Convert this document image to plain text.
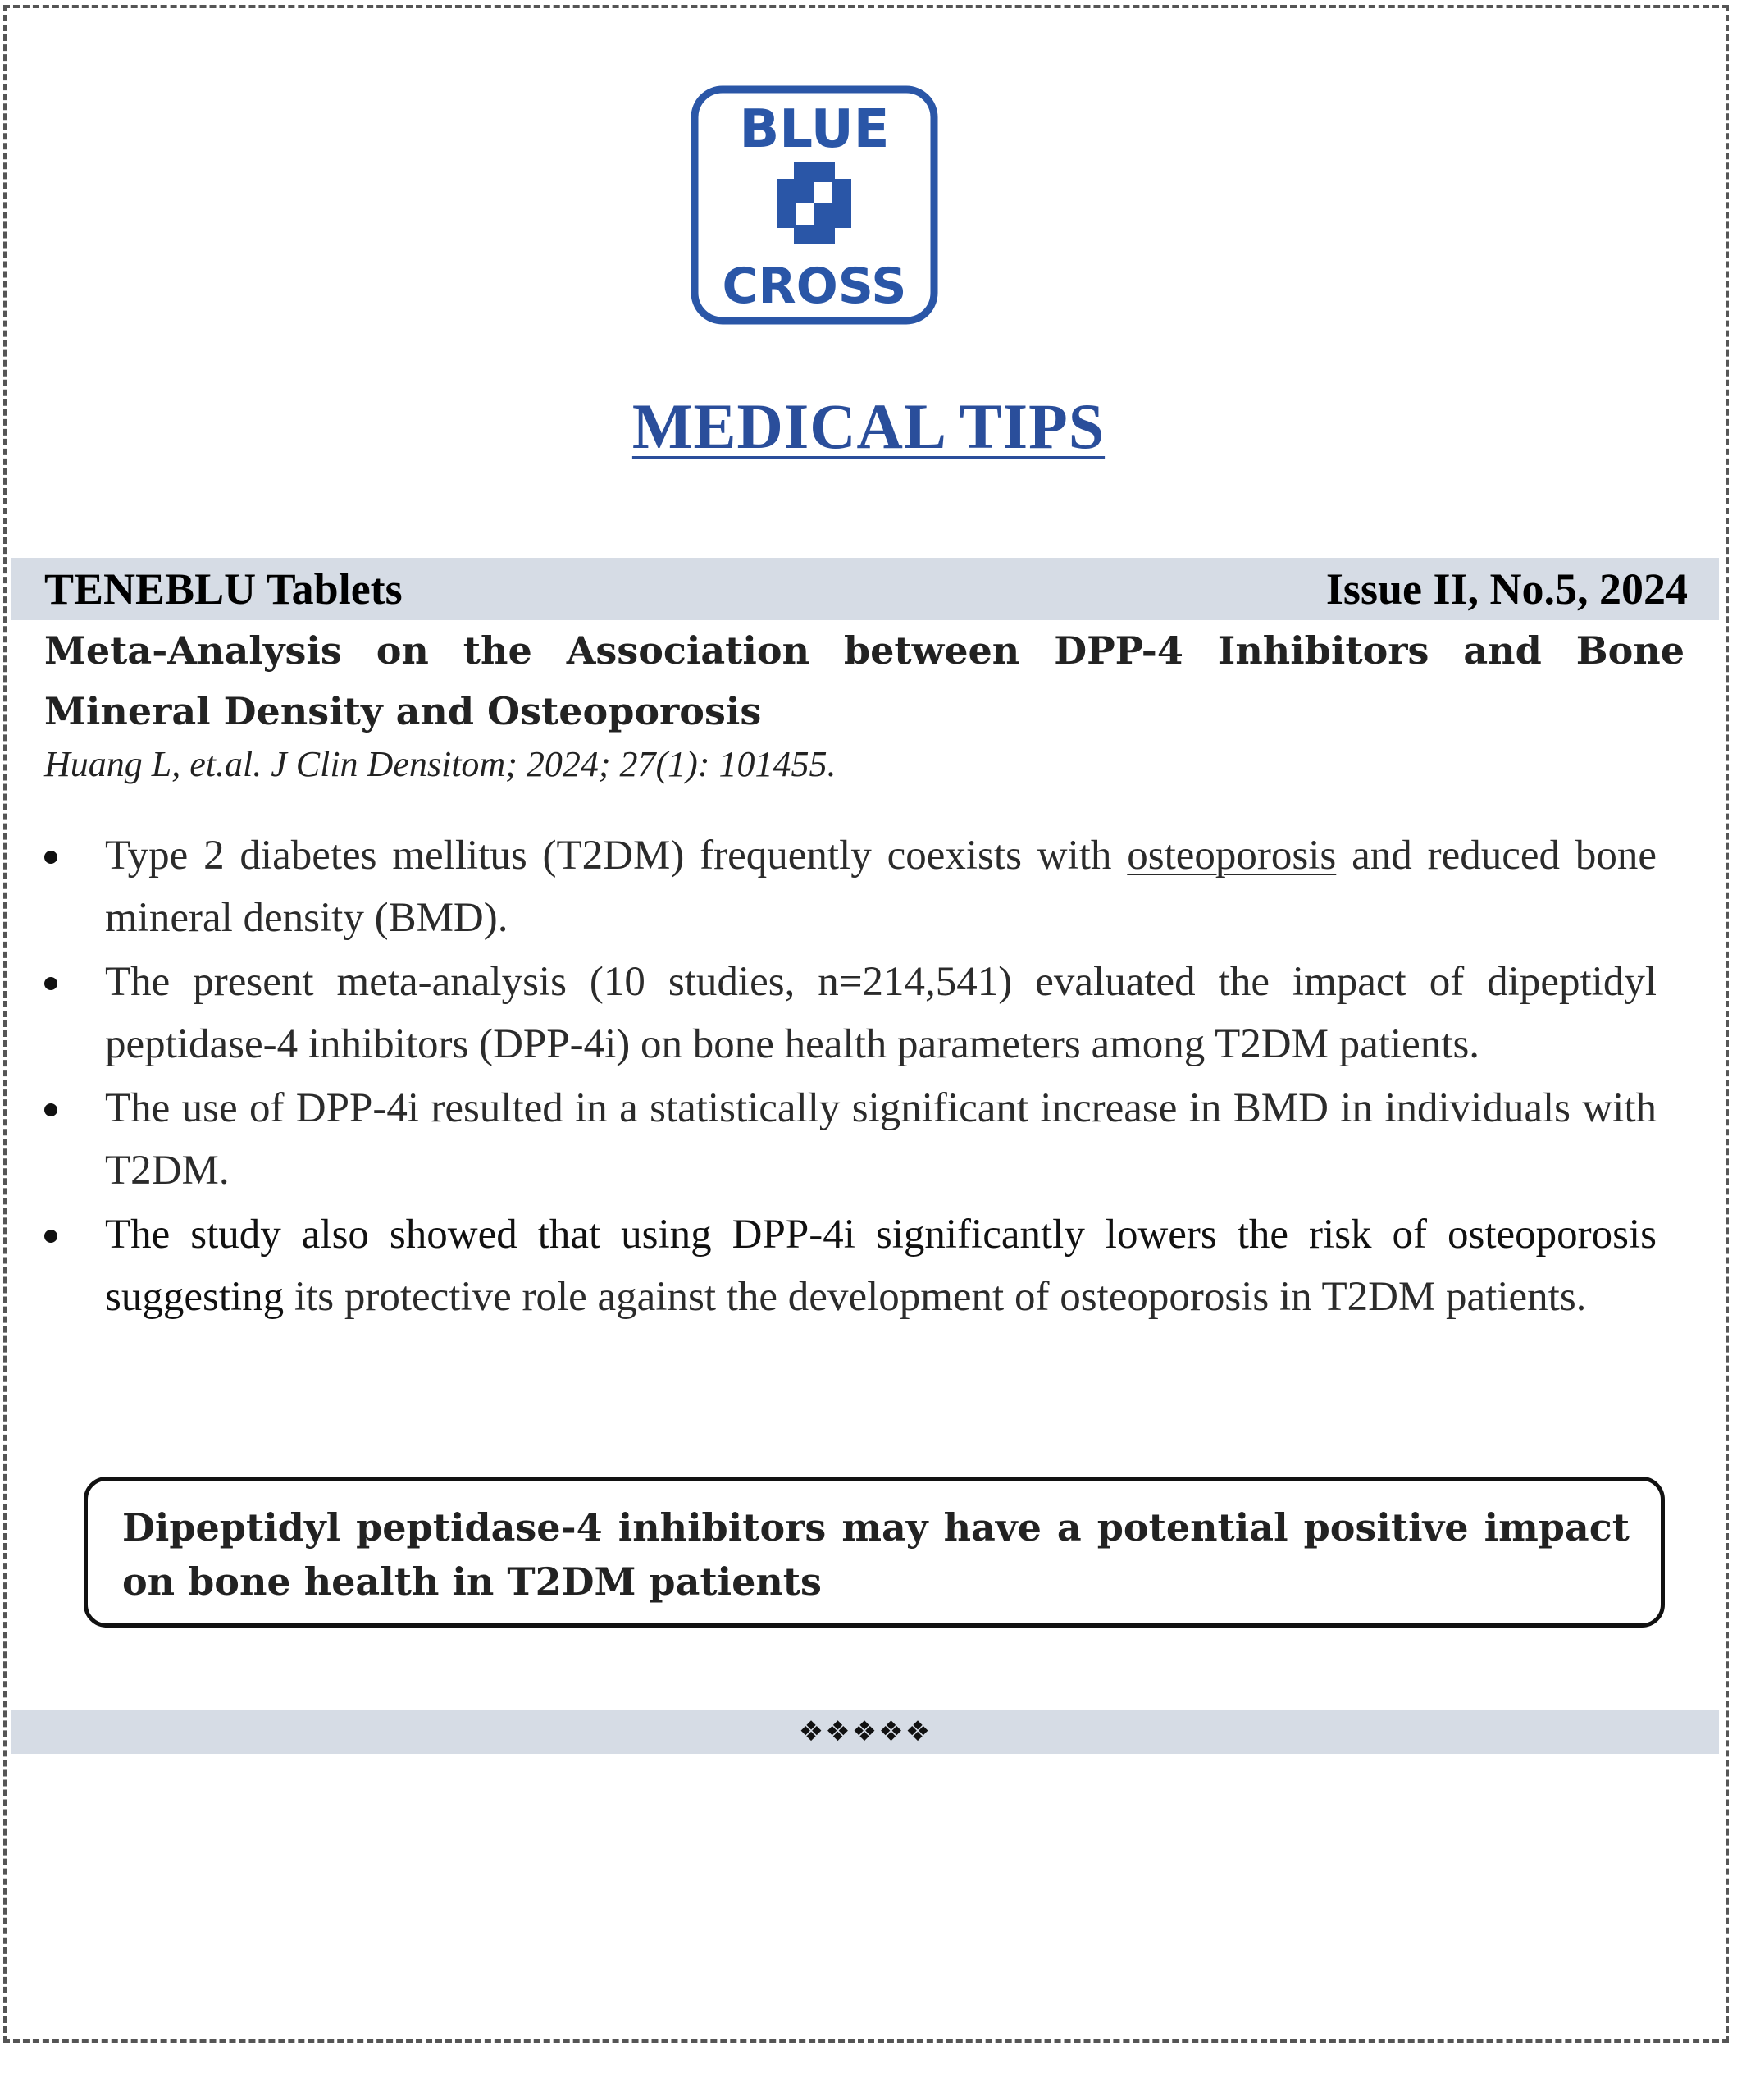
BLUE
CROSS
MEDICAL TIPS
TENEBLU Tablets	Issue II, No.5, 2024
Meta-Analysis on the Association between DPP-4 Inhibitors and Bone Mineral Density and Osteoporosis
Huang L, et.al. J Clin Densitom; 2024; 27(1): 101455.
Type 2 diabetes mellitus (T2DM) frequently coexists with osteoporosis and reduced bone mineral density (BMD).
The present meta-analysis (10 studies, n=214,541) evaluated the impact of dipeptidyl peptidase-4 inhibitors (DPP-4i) on bone health parameters among T2DM patients.
The use of DPP-4i resulted in a statistically significant increase in BMD in individuals with T2DM.
The study also showed that using DPP-4i significantly lowers the risk of osteoporosis suggesting its protective role against the development of osteoporosis in T2DM patients.
Dipeptidyl peptidase-4 inhibitors may have a potential positive impact on bone health in T2DM patients
❖❖❖❖❖
